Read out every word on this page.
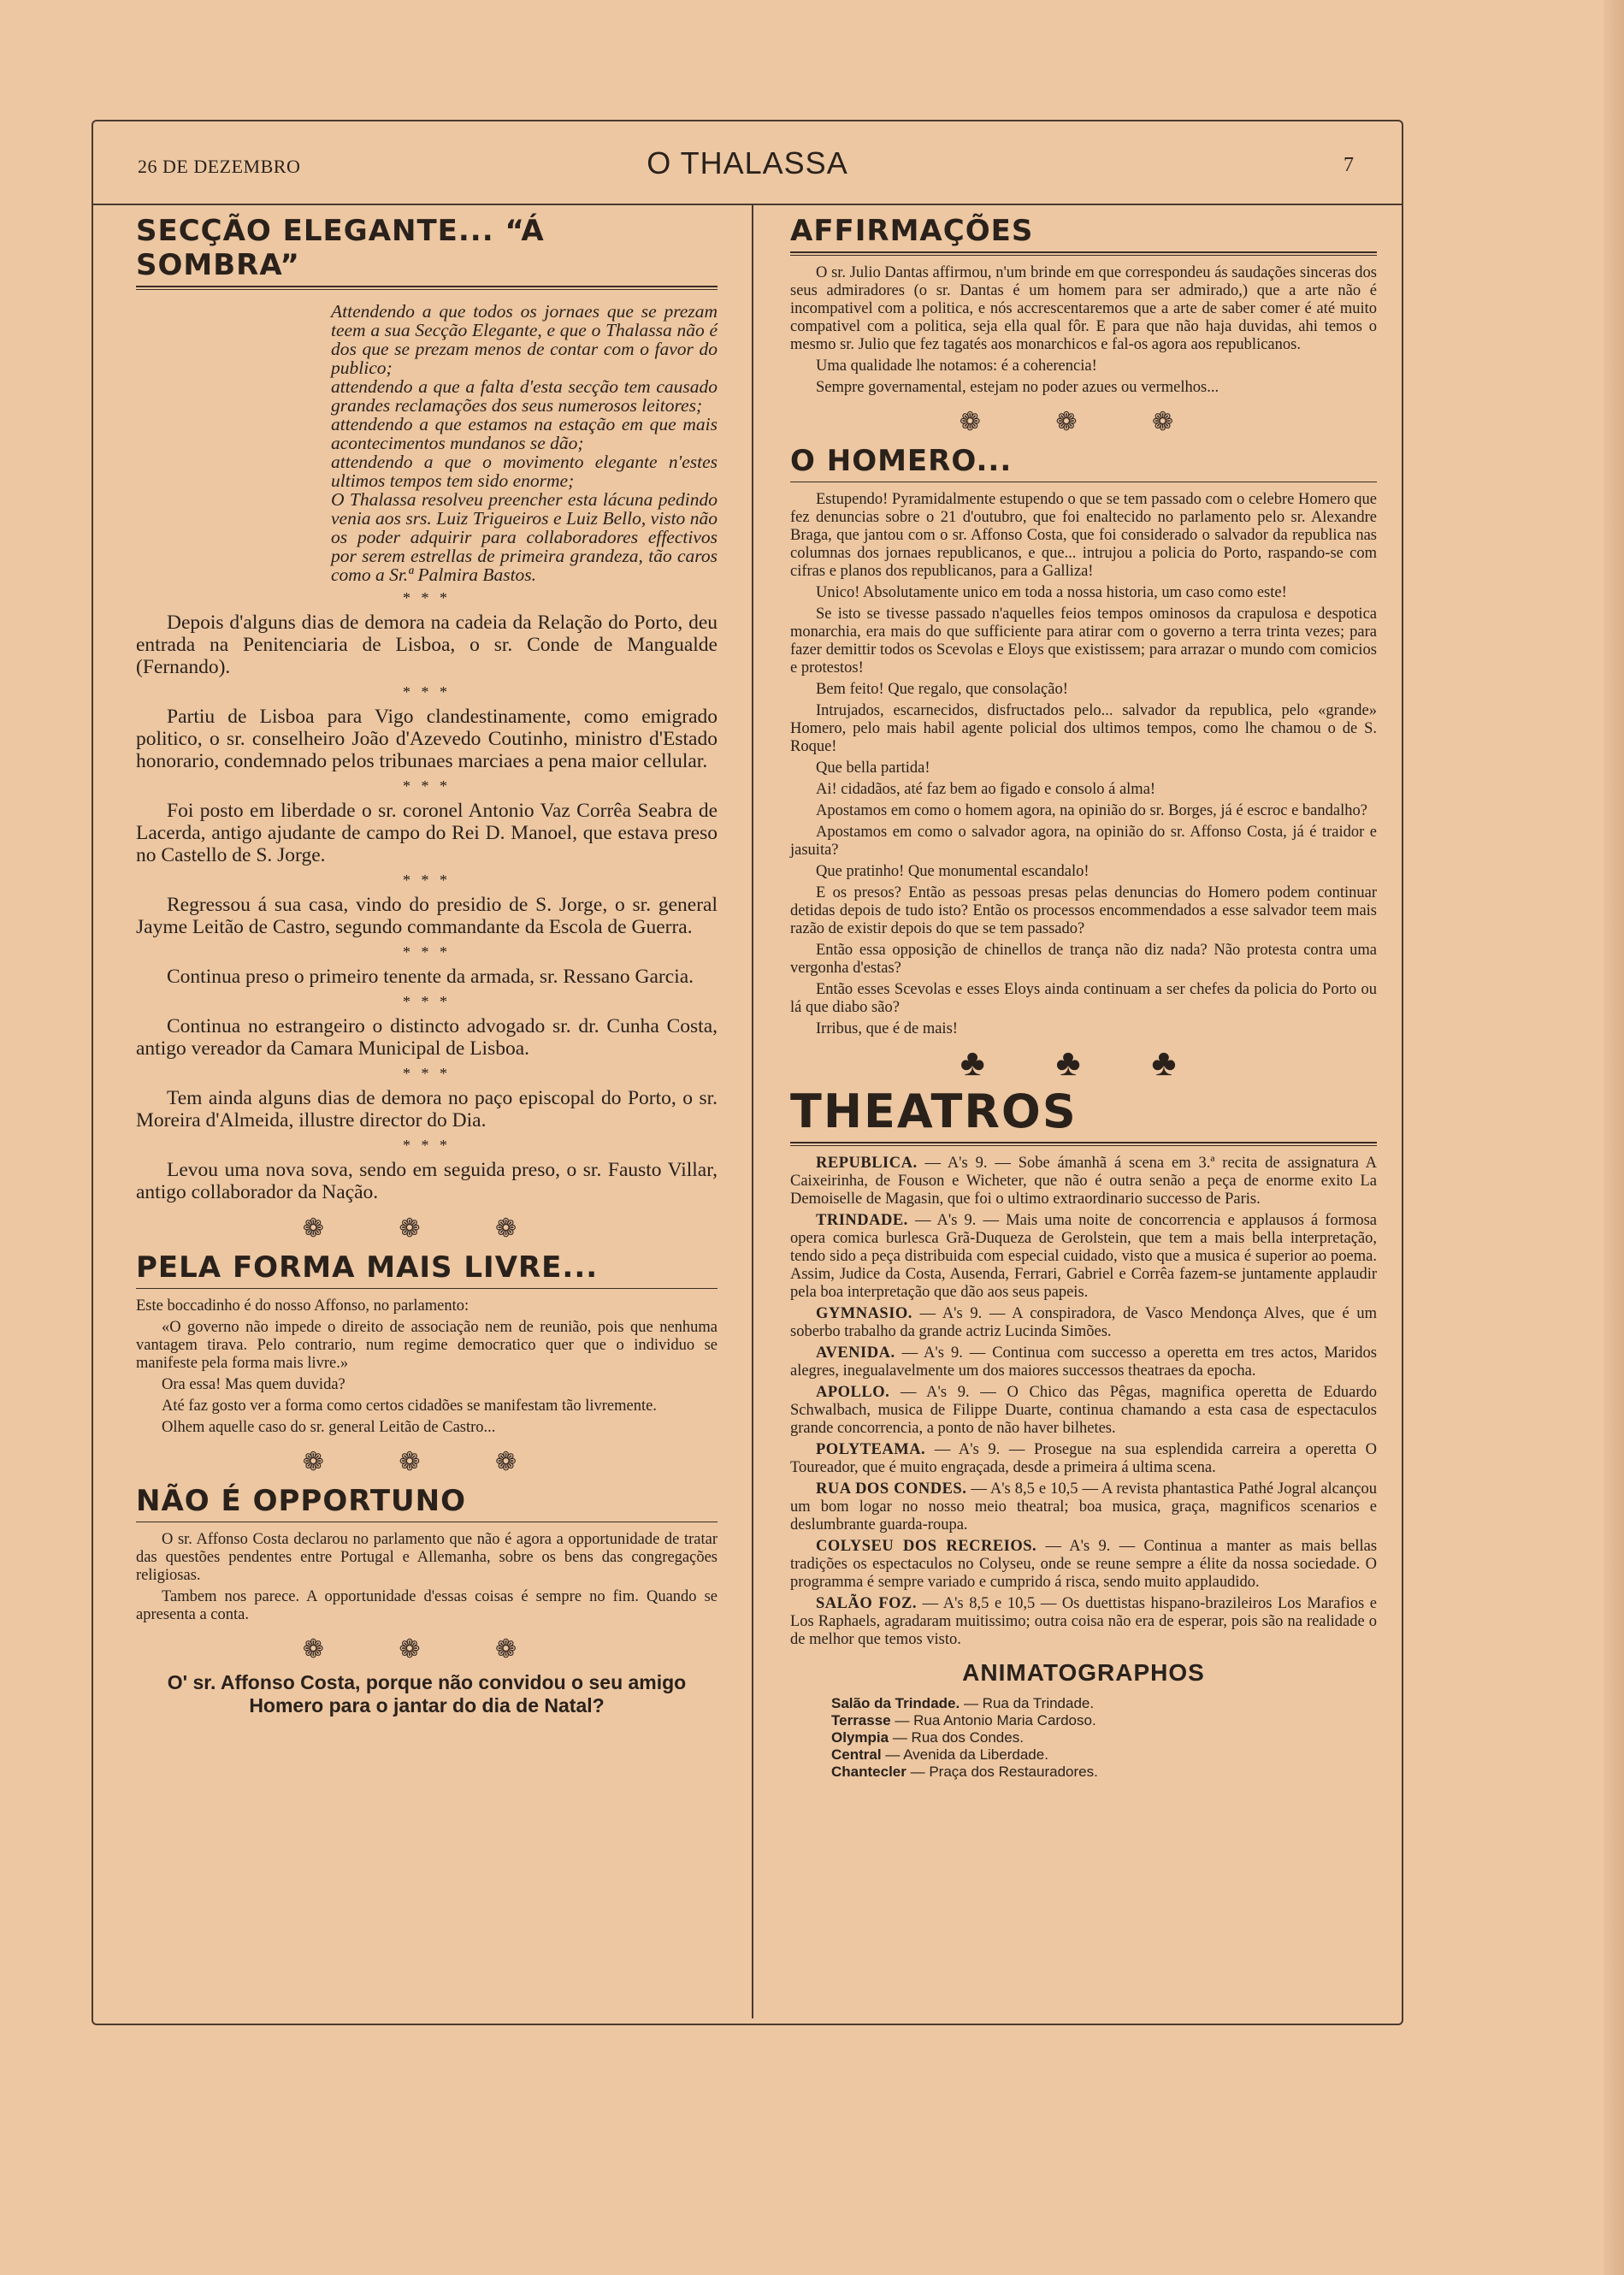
26 DE DEZEMBRO	O THALASSA	7
SECÇÃO ELEGANTE... “Á SOMBRA”

Attendendo a que todos os jornaes que se prezam teem a sua Secção Elegante, e que o Thalassa não é dos que se prezam menos de contar com o favor do publico;

attendendo a que a falta d'esta secção tem causado grandes reclamações dos seus numerosos leitores;

attendendo a que estamos na estação em que mais acontecimentos mundanos se dão;

attendendo a que o movimento elegante n'estes ultimos tempos tem sido enorme;

O Thalassa resolveu preencher esta lácuna pedindo venia aos srs. Luiz Trigueiros e Luiz Bello, visto não os poder adquirir para collaboradores effectivos por serem estrellas de primeira grandeza, tão caros como a Sr.ª Palmira Bastos.

* * *

Depois d'alguns dias de demora na cadeia da Relação do Porto, deu entrada na Penitenciaria de Lisboa, o sr. Conde de Mangualde (Fernando).

* * *

Partiu de Lisboa para Vigo clandestinamente, como emigrado politico, o sr. conselheiro João d'Azevedo Coutinho, ministro d'Estado honorario, condemnado pelos tribunaes marciaes a pena maior cellular.

* * *

Foi posto em liberdade o sr. coronel Antonio Vaz Corrêa Seabra de Lacerda, antigo ajudante de campo do Rei D. Manoel, que estava preso no Castello de S. Jorge.

* * *

Regressou á sua casa, vindo do presidio de S. Jorge, o sr. general Jayme Leitão de Castro, segundo commandante da Escola de Guerra.

* * *

Continua preso o primeiro tenente da armada, sr. Ressano Garcia.

* * *

Continua no estrangeiro o distincto advogado sr. dr. Cunha Costa, antigo vereador da Camara Municipal de Lisboa.

* * *

Tem ainda alguns dias de demora no paço episcopal do Porto, o sr. Moreira d'Almeida, illustre director do Dia.

* * *

Levou uma nova sova, sendo em seguida preso, o sr. Fausto Villar, antigo collaborador da Nação.

❁ ❁ ❁
PELA FORMA MAIS LIVRE...

Este boccadinho é do nosso Affonso, no parlamento:

«O governo não impede o direito de associação nem de reunião, pois que nenhuma vantagem tirava. Pelo contrario, num regime democratico quer que o individuo se manifeste pela forma mais livre.»

Ora essa! Mas quem duvida?

Até faz gosto ver a forma como certos cidadões se manifestam tão livremente.

Olhem aquelle caso do sr. general Leitão de Castro...

❁ ❁ ❁
NÃO É OPPORTUNO

O sr. Affonso Costa declarou no parlamento que não é agora a opportunidade de tratar das questões pendentes entre Portugal e Allemanha, sobre os bens das congregações religiosas.

Tambem nos parece. A opportunidade d'essas coisas é sempre no fim. Quando se apresenta a conta.

❁ ❁ ❁

O' sr. Affonso Costa, porque não convidou o seu amigo Homero para o jantar do dia de Natal?

AFFIRMAÇÕES

O sr. Julio Dantas affirmou, n'um brinde em que correspondeu ás saudações sinceras dos seus admiradores (o sr. Dantas é um homem para ser admirado,) que a arte não é incompativel com a politica, e nós accrescentaremos que a arte de saber comer é até muito compativel com a politica, seja ella qual fôr. E para que não haja duvidas, ahi temos o mesmo sr. Julio que fez tagatés aos monarchicos e fal-os agora aos republicanos.

Uma qualidade lhe notamos: é a coherencia!

Sempre governamental, estejam no poder azues ou vermelhos...

❁ ❁ ❁
O HOMERO...

Estupendo! Pyramidalmente estupendo o que se tem passado com o celebre Homero que fez denuncias sobre o 21 d'outubro, que foi enaltecido no parlamento pelo sr. Alexandre Braga, que jantou com o sr. Affonso Costa, que foi considerado o salvador da republica nas columnas dos jornaes republicanos, e que... intrujou a policia do Porto, raspando-se com cifras e planos dos republicanos, para a Galliza!

Unico! Absolutamente unico em toda a nossa historia, um caso como este!

Se isto se tivesse passado n'aquelles feios tempos ominosos da crapulosa e despotica monarchia, era mais do que sufficiente para atirar com o governo a terra trinta vezes; para fazer demittir todos os Scevolas e Eloys que existissem; para arrazar o mundo com comicios e protestos!

Bem feito! Que regalo, que consolação!

Intrujados, escarnecidos, disfructados pelo... salvador da republica, pelo «grande» Homero, pelo mais habil agente policial dos ultimos tempos, como lhe chamou o de S. Roque!

Que bella partida!

Ai! cidadãos, até faz bem ao figado e consolo á alma!

Apostamos em como o homem agora, na opinião do sr. Borges, já é escroc e bandalho?

Apostamos em como o salvador agora, na opinião do sr. Affonso Costa, já é traidor e jasuita?

Que pratinho! Que monumental escandalo!

E os presos? Então as pessoas presas pelas denuncias do Homero podem continuar detidas depois de tudo isto? Então os processos encommendados a esse salvador teem mais razão de existir depois do que se tem passado?

Então essa opposição de chinellos de trança não diz nada? Não protesta contra uma vergonha d'estas?

Então esses Scevolas e esses Eloys ainda continuam a ser chefes da policia do Porto ou lá que diabo são?

Irribus, que é de mais!

♣ ♣ ♣
THEATROS

REPUBLICA. — A's 9. — Sobe ámanhã á scena em 3.ª recita de assignatura A Caixeirinha, de Fouson e Wicheter, que não é outra senão a peça de enorme exito La Demoiselle de Magasin, que foi o ultimo extraordinario successo de Paris.

TRINDADE. — A's 9. — Mais uma noite de concorrencia e applausos á formosa opera comica burlesca Grã-Duqueza de Gerolstein, que tem a mais bella interpretação, tendo sido a peça distribuida com especial cuidado, visto que a musica é superior ao poema. Assim, Judice da Costa, Ausenda, Ferrari, Gabriel e Corrêa fazem-se juntamente applaudir pela boa interpretação que dão aos seus papeis.

GYMNASIO. — A's 9. — A conspiradora, de Vasco Mendonça Alves, que é um soberbo trabalho da grande actriz Lucinda Simões.

AVENIDA. — A's 9. — Continua com successo a operetta em tres actos, Maridos alegres, inegualavelmente um dos maiores successos theatraes da epocha.

APOLLO. — A's 9. — O Chico das Pêgas, magnifica operetta de Eduardo Schwalbach, musica de Filippe Duarte, continua chamando a esta casa de espectaculos grande concorrencia, a ponto de não haver bilhetes.

POLYTEAMA. — A's 9. — Prosegue na sua esplendida carreira a operetta O Toureador, que é muito engraçada, desde a primeira á ultima scena.

RUA DOS CONDES. — A's 8,5 e 10,5 — A revista phantastica Pathé Jogral alcançou um bom logar no nosso meio theatral; boa musica, graça, magnificos scenarios e deslumbrante guarda-roupa.

COLYSEU DOS RECREIOS. — A's 9. — Continua a manter as mais bellas tradições os espectaculos no Colyseu, onde se reune sempre a élite da nossa sociedade. O programma é sempre variado e cumprido á risca, sendo muito applaudido.

SALÃO FOZ. — A's 8,5 e 10,5 — Os duettistas hispano-brazileiros Los Marafios e Los Raphaels, agradaram muitissimo; outra coisa não era de esperar, pois são na realidade o de melhor que temos visto.

ANIMATOGRAPHOS
Salão da Trindade. — Rua da Trindade.
Terrasse — Rua Antonio Maria Cardoso.
Olympia — Rua dos Condes.
Central — Avenida da Liberdade.
Chantecler — Praça dos Restauradores.
